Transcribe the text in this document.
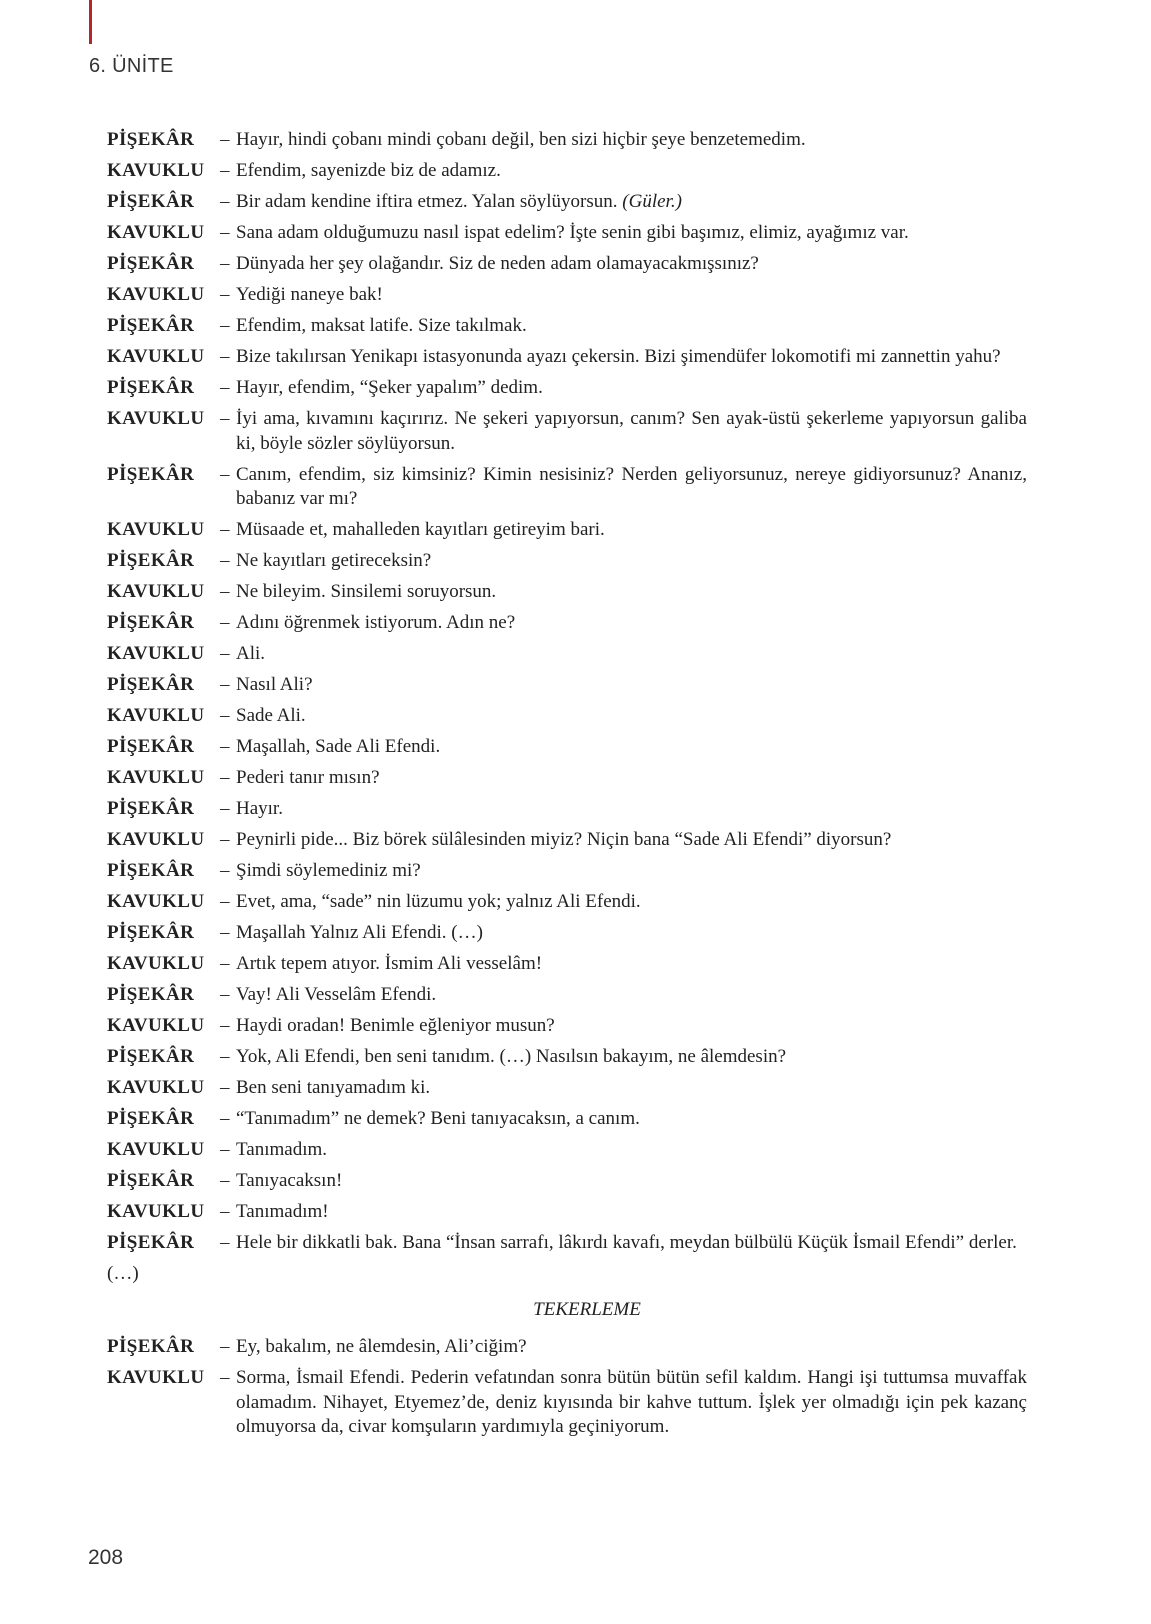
6. ÜNİTE
PİŞEKÂR	– Hayır, hindi çobanı mindi çobanı değil, ben sizi hiçbir şeye benzetemedim.
KAVUKLU – Efendim, sayenizde biz de adamız.
PİŞEKÂR	– Bir adam kendine iftira etmez. Yalan söylüyorsun. (Güler.)
KAVUKLU – Sana adam olduğumuzu nasıl ispat edelim? İşte senin gibi başımız, elimiz, ayağımız var.
PİŞEKÂR	– Dünyada her şey olağandır. Siz de neden adam olamayacakmışsınız?
KAVUKLU – Yediği naneye bak!
PİŞEKÂR	– Efendim, maksat latife. Size takılmak.
KAVUKLU – Bize takılırsan Yenikapı istasyonunda ayazı çekersin. Bizi şimendüfer lokomotifi mi zannettin yahu?
PİŞEKÂR	– Hayır, efendim, “Şeker yapalım” dedim.
KAVUKLU – İyi ama, kıvamını kaçırırız. Ne şekeri yapıyorsun, canım? Sen ayak-üstü şekerleme yapıyorsun galiba ki, böyle sözler söylüyorsun.
PİŞEKÂR	– Canım, efendim, siz kimsiniz? Kimin nesisiniz? Nerden geliyorsunuz, nereye gidiyorsunuz? Ananız, babanız var mı?
KAVUKLU – Müsaade et, mahalleden kayıtları getireyim bari.
PİŞEKÂR	– Ne kayıtları getireceksin?
KAVUKLU – Ne bileyim. Sinsilemi soruyorsun.
PİŞEKÂR	– Adını öğrenmek istiyorum. Adın ne?
KAVUKLU – Ali.
PİŞEKÂR	– Nasıl Ali?
KAVUKLU – Sade Ali.
PİŞEKÂR	– Maşallah, Sade Ali Efendi.
KAVUKLU – Pederi tanır mısın?
PİŞEKÂR	– Hayır.
KAVUKLU – Peynirli pide... Biz börek sülâlesinden miyiz? Niçin bana “Sade Ali Efendi” diyorsun?
PİŞEKÂR	– Şimdi söylemediniz mi?
KAVUKLU – Evet, ama, “sade” nin lüzumu yok; yalnız Ali Efendi.
PİŞEKÂR	– Maşallah Yalnız Ali Efendi. (…)
KAVUKLU – Artık tepem atıyor. İsmim Ali vesselâm!
PİŞEKÂR	– Vay! Ali Vesselâm Efendi.
KAVUKLU – Haydi oradan! Benimle eğleniyor musun?
PİŞEKÂR	– Yok, Ali Efendi, ben seni tanıdım. (…) Nasılsın bakayım, ne âlemdesin?
KAVUKLU – Ben seni tanıyamadım ki.
PİŞEKÂR	– “Tanımadım” ne demek? Beni tanıyacaksın, a canım.
KAVUKLU – Tanımadım.
PİŞEKÂR	– Tanıyacaksın!
KAVUKLU – Tanımadım!
PİŞEKÂR	– Hele bir dikkatli bak. Bana “İnsan sarrafı, lâkırdı kavafı, meydan bülbülü Küçük İsmail Efendi” derler.
(…)
TEKERLEME
PİŞEKÂR	– Ey, bakalım, ne âlemdesin, Ali’ciğim?
KAVUKLU – Sorma, İsmail Efendi. Pederin vefatından sonra bütün bütün sefil kaldım. Hangi işi tuttumsa muvaffak olamadım. Nihayet, Etyemez’de, deniz kıyısında bir kahve tuttum. İşlek yer olmadığı için pek kazanç olmuyorsa da, civar komşuların yardımıyla geçiniyorum.
208
